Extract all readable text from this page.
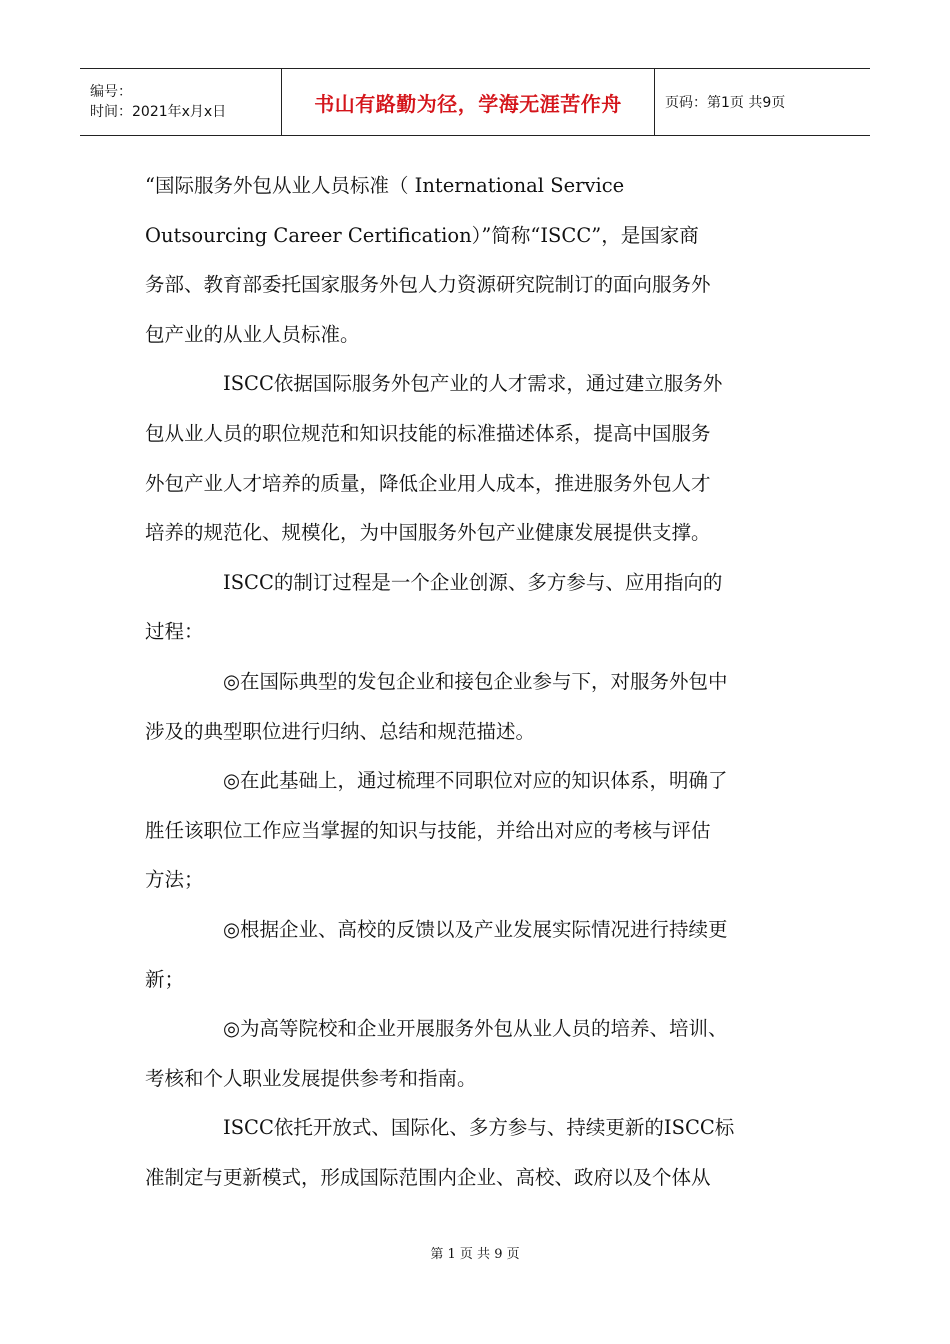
编号：
时间：2021年x月x日	书山有路勤为径，学海无涯苦作舟	页码：第1页 共9页
“国际服务外包从业人员标准（ International Service
Outsourcing Career Certification）”简称“ISCC”，是国家商
务部、教育部委托国家服务外包人力资源研究院制订的面向服务外
包产业的从业人员标准。
ISCC依据国际服务外包产业的人才需求，通过建立服务外
包从业人员的职位规范和知识技能的标准描述体系，提高中国服务
外包产业人才培养的质量，降低企业用人成本，推进服务外包人才
培养的规范化、规模化，为中国服务外包产业健康发展提供支撑。
ISCC的制订过程是一个企业创源、多方参与、应用指向的
过程：
◎在国际典型的发包企业和接包企业参与下，对服务外包中
涉及的典型职位进行归纳、总结和规范描述。
◎在此基础上，通过梳理不同职位对应的知识体系，明确了
胜任该职位工作应当掌握的知识与技能，并给出对应的考核与评估
方法；
◎根据企业、高校的反馈以及产业发展实际情况进行持续更
新；
◎为高等院校和企业开展服务外包从业人员的培养、培训、
考核和个人职业发展提供参考和指南。
ISCC依托开放式、国际化、多方参与、持续更新的ISCC标
准制定与更新模式，形成国际范围内企业、高校、政府以及个体从
第 1 页 共 9 页
